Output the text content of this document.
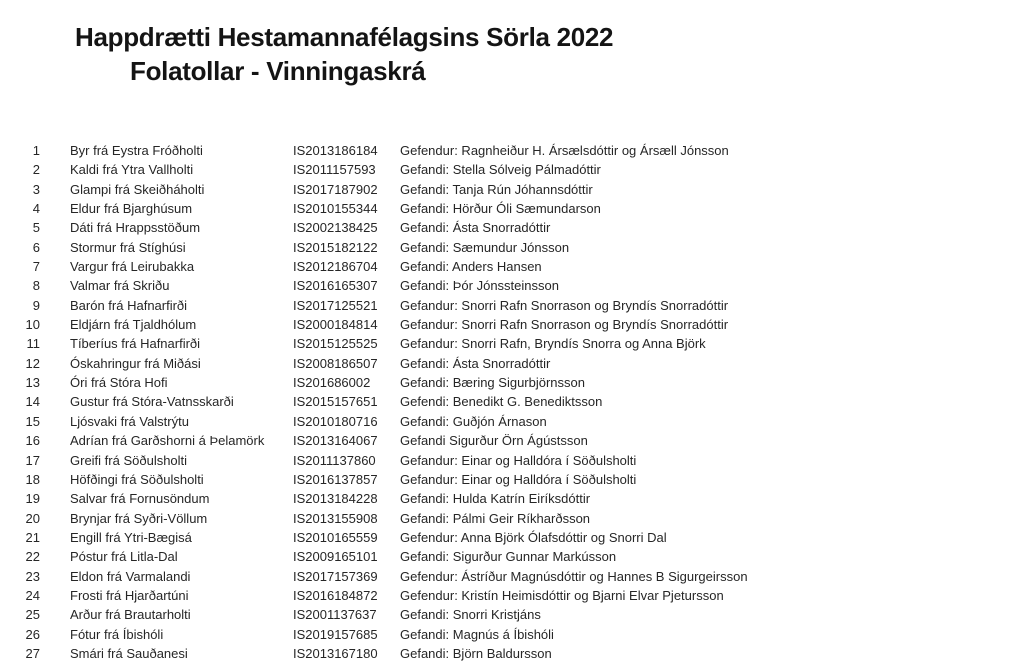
Happdrætti Hestamannafélagsins Sörla 2022
Folatollar - Vinningaskrá
1 Byr frá Eystra Fróðholti	IS2013186184	Gefendur: Ragnheiður H. Ársælsdóttir og Ársæll Jónsson
2 Kaldi frá Ytra Vallholti	IS2011157593	Gefandi: Stella Sólveig Pálmadóttir
3 Glampi frá Skeiðháholti	IS2017187902	Gefandi: Tanja Rún Jóhannsdóttir
4 Eldur frá Bjarghúsum	IS2010155344	Gefandi: Hörður Óli Sæmundarson
5 Dáti frá Hrappsstöðum	IS2002138425	Gefandi: Ásta Snorradóttir
6 Stormur frá Stíghúsi	IS2015182122	Gefandi: Sæmundur Jónsson
7 Vargur frá Leirubakka	IS2012186704	Gefandi: Anders Hansen
8 Valmar frá Skriðu	IS2016165307	Gefandi: Þór Jónssteinsson
9 Barón frá Hafnarfirði	IS2017125521	Gefandur: Snorri Rafn Snorrason og Bryndís Snorradóttir
10 Eldjárn frá Tjaldhólum	IS2000184814	Gefandur: Snorri Rafn Snorrason og Bryndís Snorradóttir
11 Tíberíus frá Hafnarfirði	IS2015125525	Gefandur: Snorri Rafn, Bryndís Snorra og Anna Björk
12 Óskahringur frá Miðási	IS2008186507	Gefandi: Ásta Snorradóttir
13 Óri frá Stóra Hofi	IS201686002	Gefandi: Bæring Sigurbjörnsson
14 Gustur frá Stóra-Vatnsskarði	IS2015157651	Gefendi: Benedikt G. Benediktsson
15 Ljósvaki frá Valstrýtu	IS2010180716	Gefandi: Guðjón Árnason
16 Adrían frá Garðshorni á Þelamörk	IS2013164067	Gefandi Sigurður Örn Ágústsson
17 Greifi frá Söðulsholti	IS2011137860	Gefandur: Einar og Halldóra í Söðulsholti
18 Höfðingi frá Söðulsholti	IS2016137857	Gefandur: Einar og Halldóra í Söðulsholti
19 Salvar frá Fornusöndum	IS2013184228	Gefandi: Hulda Katrín Eiríksdóttir
20 Brynjar frá Syðri-Völlum	IS2013155908	Gefandi: Pálmi Geir Ríkharðsson
21 Engill frá Ytri-Bægisá	IS2010165559	Gefendur: Anna Björk Ólafsdóttir og Snorri Dal
22 Póstur frá Litla-Dal	IS2009165101	Gefandi: Sigurður Gunnar Markússon
23 Eldon frá Varmalandi	IS2017157369	Gefendur: Ástríður Magnúsdóttir og Hannes B Sigurgeirsson
24 Frosti frá Hjarðartúni	IS2016184872	Gefendur: Kristín Heimisdóttir og Bjarni Elvar Pjetursson
25 Arður frá Brautarholti	IS2001137637	Gefandi: Snorri Kristjáns
26 Fótur frá Íbishóli	IS2019157685	Gefandi: Magnús á Íbishóli
27 Smári frá Sauðanesi	IS2013167180	Gefandi: Björn Baldursson
